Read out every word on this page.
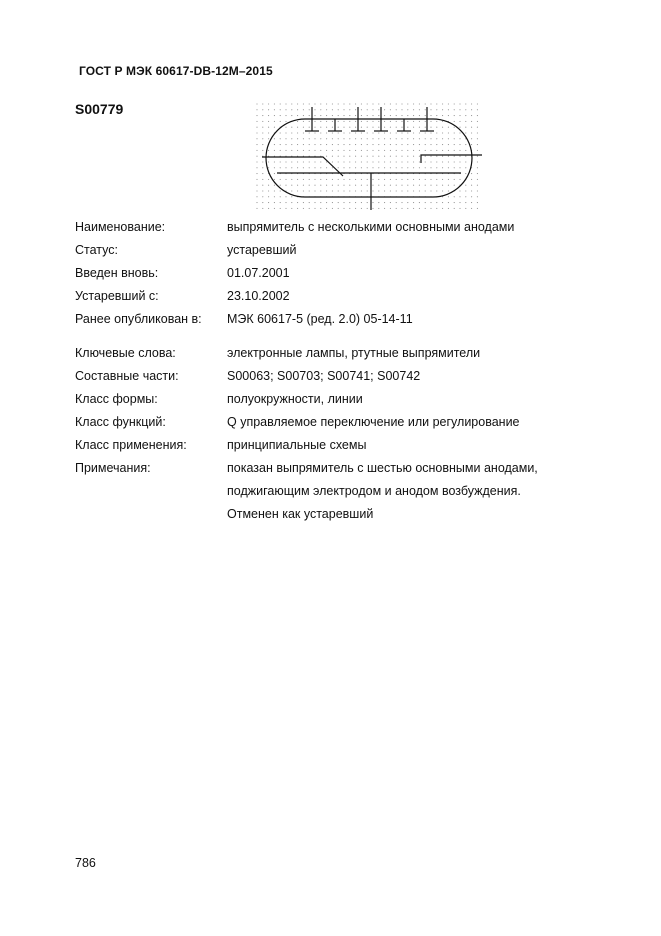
ГОСТ Р МЭК 60617-DB-12M–2015
S00779
Наименование:	выпрямитель с несколькими основными анодами
Статус:	устаревший
Введен вновь:	01.07.2001
Устаревший с:	23.10.2002
Ранее опубликован в:	МЭК 60617-5 (ред. 2.0) 05-14-11
Ключевые слова:	электронные лампы, ртутные выпрямители
Составные части:	S00063; S00703; S00741; S00742
Класс формы:	полуокружности, линии
Класс функций:	Q управляемое переключение или регулирование
Класс применения:	принципиальные схемы
Примечания:	показан выпрямитель с шестью основными анодами,
поджигающим электродом и анодом возбуждения.
Отменен как устаревший
786
